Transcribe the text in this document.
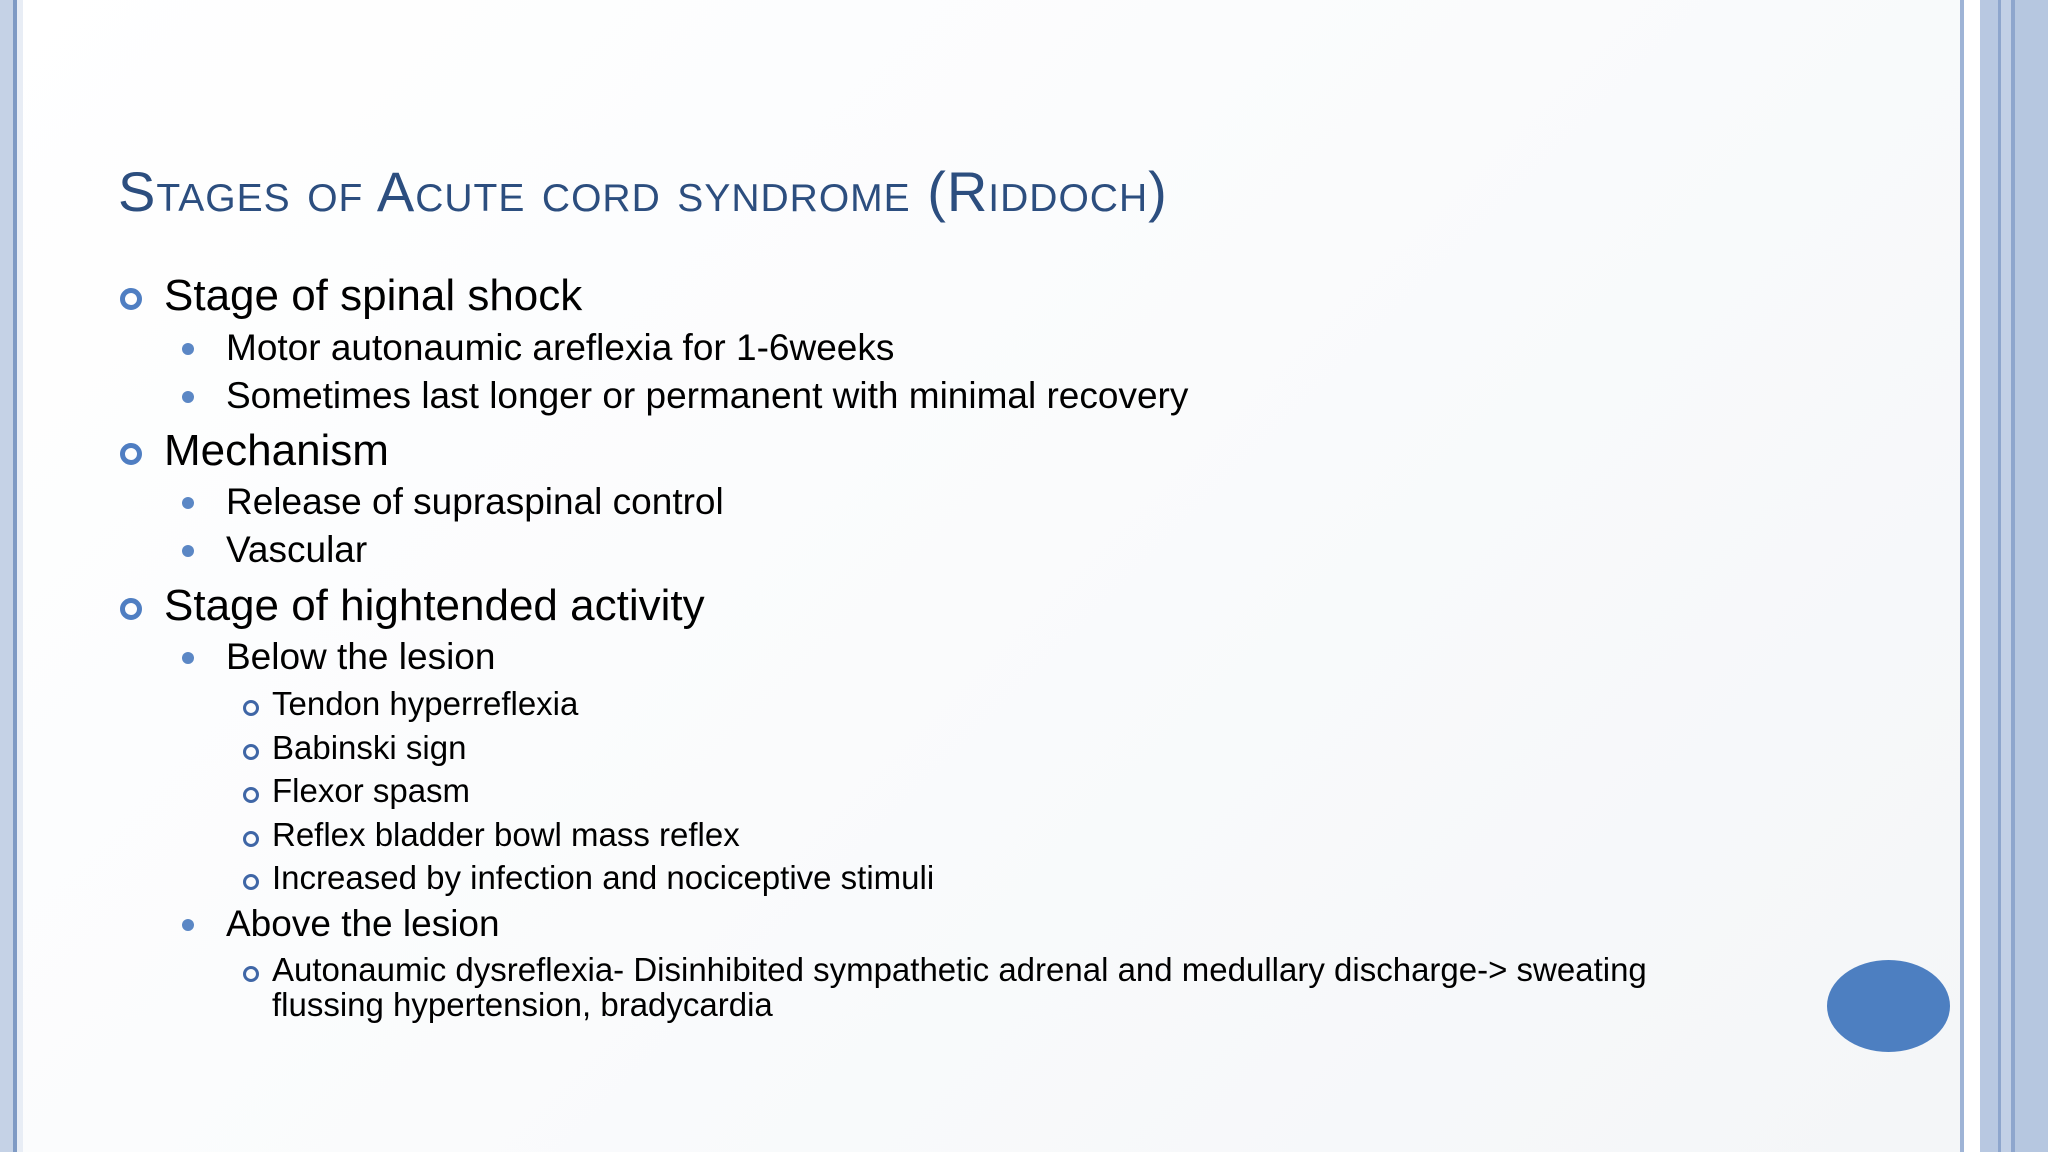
Stages of Acute cord syndrome (Riddoch)
Stage of spinal shock
Motor autonaumic areflexia for 1-6weeks
Sometimes last longer or permanent with minimal recovery
Mechanism
Release of supraspinal control
Vascular
Stage of hightended activity
Below the lesion
Tendon hyperreflexia
Babinski sign
Flexor spasm
Reflex bladder bowl mass reflex
Increased by infection and nociceptive stimuli
Above the lesion
Autonaumic dysreflexia- Disinhibited sympathetic adrenal and medullary discharge-> sweating flussing hypertension, bradycardia
